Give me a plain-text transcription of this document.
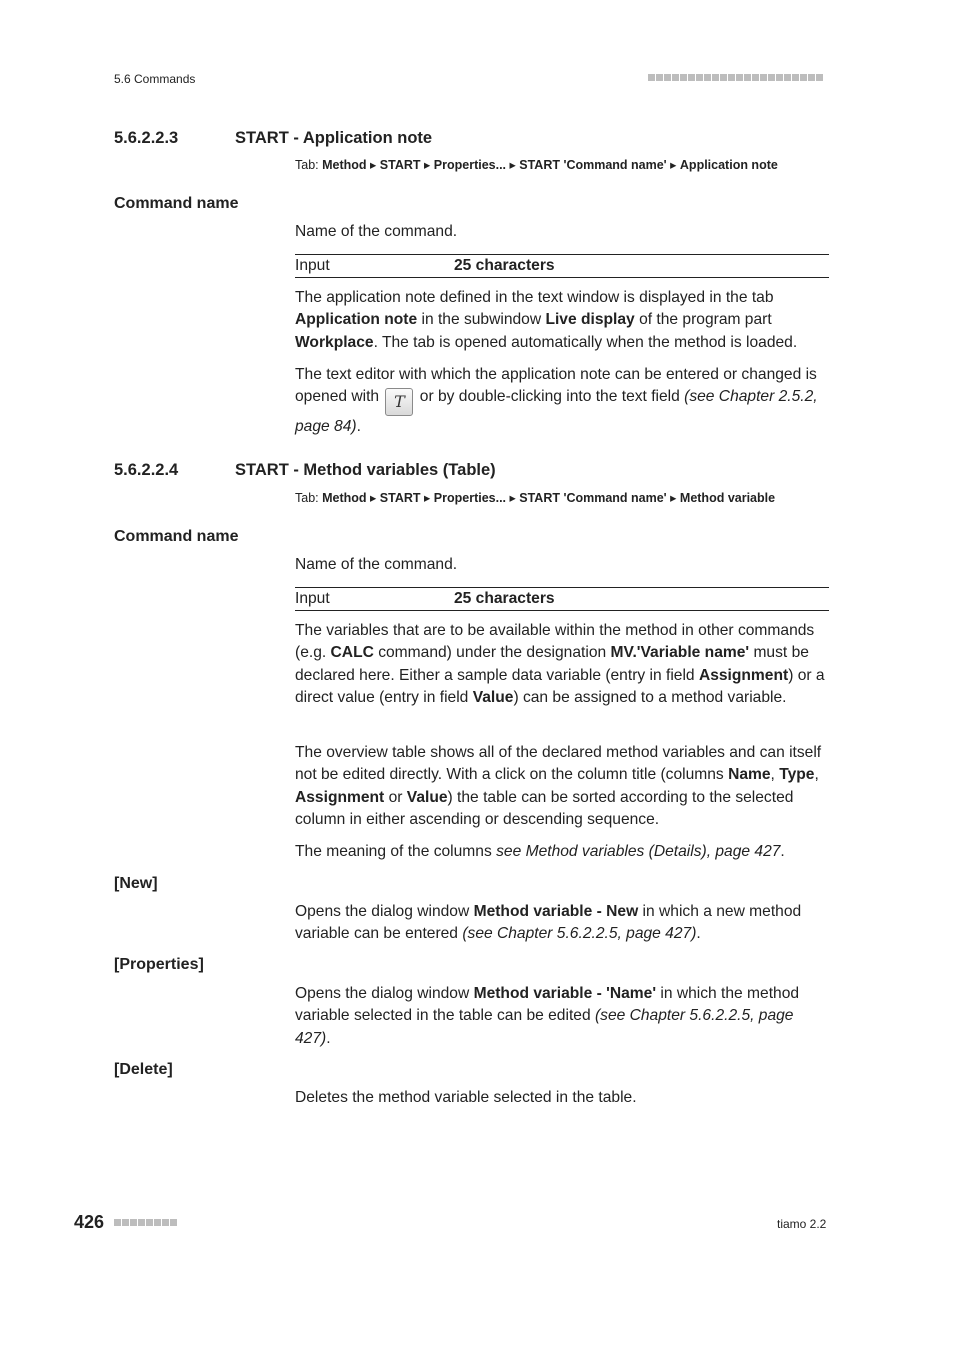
5.6 Commands
5.6.2.2.3	START - Application note
Tab: Method ▸ START ▸ Properties... ▸ START 'Command name' ▸ Application note
Command name
Name of the command.
Input	25 characters

The application note defined in the text window is displayed in the tab Application note in the subwindow Live display of the program part Workplace. The tab is opened automatically when the method is loaded.

The text editor with which the application note can be entered or changed is opened with T or by double-clicking into the text field (see Chapter 2.5.2, page 84).

5.6.2.2.4	START - Method variables (Table)
Tab: Method ▸ START ▸ Properties... ▸ START 'Command name' ▸ Method variable
Command name
Name of the command.
Input	25 characters

The variables that are to be available within the method in other commands (e.g. CALC command) under the designation MV.'Variable name' must be declared here. Either a sample data variable (entry in field Assignment) or a direct value (entry in field Value) can be assigned to a method variable.

The overview table shows all of the declared method variables and can itself not be edited directly. With a click on the column title (columns Name, Type, Assignment or Value) the table can be sorted according to the selected column in either ascending or descending sequence.

The meaning of the columns see Method variables (Details), page 427.

[New]

Opens the dialog window Method variable - New in which a new method variable can be entered (see Chapter 5.6.2.2.5, page 427).

[Properties]

Opens the dialog window Method variable - 'Name' in which the method variable selected in the table can be edited (see Chapter 5.6.2.2.5, page 427).

[Delete]
Deletes the method variable selected in the table.
426	tiamo 2.2
